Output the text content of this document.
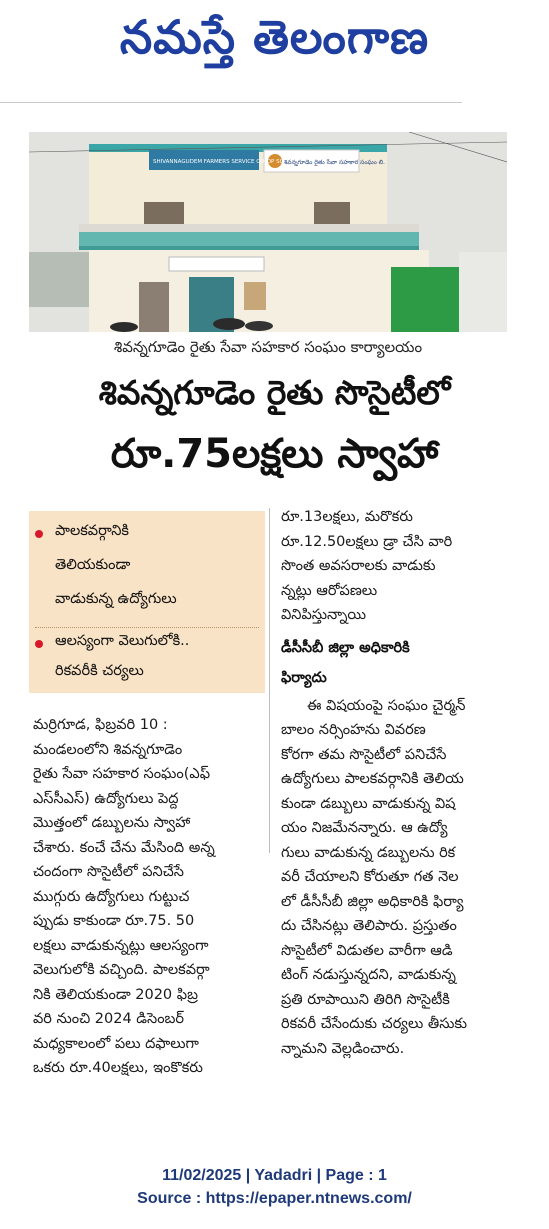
నమస్తే తెలంగాణ
SHIVANNAGUDEM FARMERS SERVICE CO-OP SOCIETY LTD
శివన్నగూడెం రైతు సేవా సహకార సంఘం లి.
శివన్నగూడెం రైతు సేవా సహకార సంఘం కార్యాలయం
శివన్నగూడెం రైతు సొసైటీలో
రూ.75లక్షలు స్వాహా
పాలకవర్గానికి
తెలియకుండా
వాడుకున్న ఉద్యోగులు
ఆలస్యంగా వెలుగులోకి..
రికవరీకి చర్యలు
మర్రిగూడ, ఫిబ్రవరి 10 :
మండలంలోని శివన్నగూడెం
రైతు సేవా సహకార సంఘం(ఎఫ్
ఎస్‌సీఎస్) ఉద్యోగులు పెద్ద
మొత్తంలో డబ్బులను స్వాహా
చేశారు. కంచే చేను మేసింది అన్న
చందంగా సొసైటీలో పనిచేసే
ముగ్గురు ఉద్యోగులు గుట్టుచ
ప్పుడు కాకుండా రూ.75. 50
లక్షలు వాడుకున్నట్లు ఆలస్యంగా
వెలుగులోకి వచ్చింది. పాలకవర్గా
నికి తెలియకుండా 2020 ఫిబ్ర
వరి నుంచి 2024 డిసెంబర్
మధ్యకాలంలో పలు దఫాలుగా
ఒకరు రూ.40లక్షలు, ఇంకొకరు
రూ.13లక్షలు, మరొకరు
రూ.12.50లక్షలు డ్రా చేసి వారి
సొంత అవసరాలకు వాడుకు
న్నట్లు ఆరోపణలు
వినిపిస్తున్నాయి
డీసీసీబీ జిల్లా అధికారికి
ఫిర్యాదు
ఈ విషయంపై సంఘం చైర్మన్
బాలం నర్సింహను వివరణ
కోరగా తమ సొసైటీలో పనిచేసే
ఉద్యోగులు పాలకవర్గానికి తెలియ
కుండా డబ్బులు వాడుకున్న విష
యం నిజమేనన్నారు. ఆ ఉద్యో
గులు వాడుకున్న డబ్బులను రిక
వరీ చేయాలని కోరుతూ గత నెల
లో డీసీసీబీ జిల్లా అధికారికి ఫిర్యా
దు చేసినట్లు తెలిపారు. ప్రస్తుతం
సొసైటీలో విడుతల వారీగా ఆడి
టింగ్ నడుస్తున్నదని, వాడుకున్న
ప్రతి రూపాయిని తిరిగి సొసైటీకి
రికవరీ చేసేందుకు చర్యలు తీసుకు
న్నామని వెల్లడించారు.
11/02/2025 | Yadadri | Page : 1
Source : https://epaper.ntnews.com/
